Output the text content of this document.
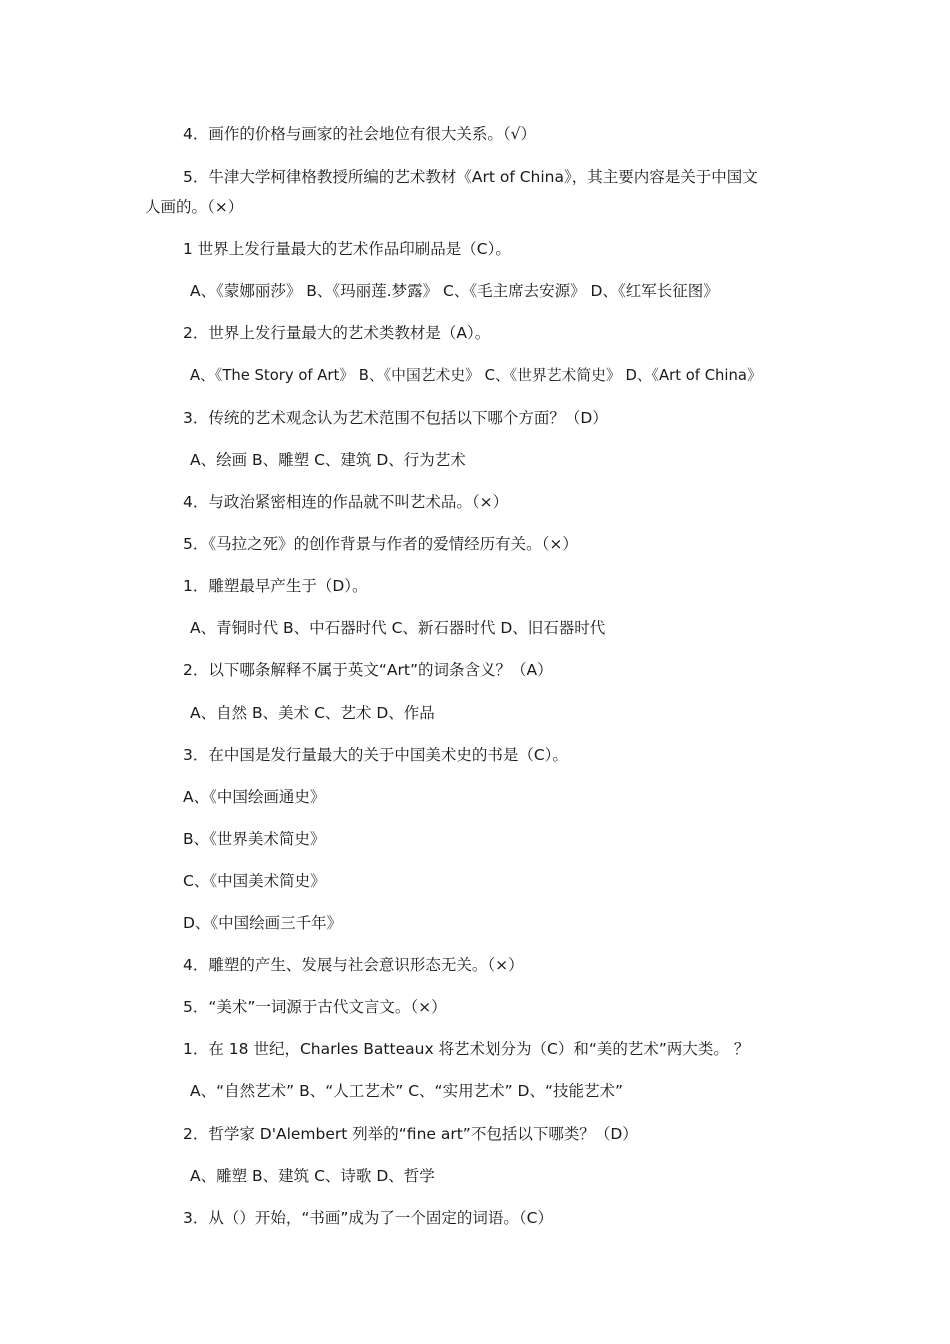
4．画作的价格与画家的社会地位有很大关系。（√）
5．牛津大学柯律格教授所编的艺术教材《Art of China》，其主要内容是关于中国文
人画的。（×）
1 世界上发行量最大的艺术作品印刷品是（C）。
A、《蒙娜丽莎》 B、《玛丽莲.梦露》 C、《毛主席去安源》 D、《红军长征图》
2．世界上发行量最大的艺术类教材是（A）。
A、《The Story of Art》 B、《中国艺术史》 C、《世界艺术简史》 D、《Art of China》
3．传统的艺术观念认为艺术范围不包括以下哪个方面？（D）
A、绘画 B、雕塑 C、建筑 D、行为艺术
4．与政治紧密相连的作品就不叫艺术品。（×）
5．《马拉之死》的创作背景与作者的爱情经历有关。（×）
1．雕塑最早产生于（D）。
A、青铜时代 B、中石器时代 C、新石器时代 D、旧石器时代
2．以下哪条解释不属于英文“Art”的词条含义？（A）
A、自然 B、美术 C、艺术 D、作品
3．在中国是发行量最大的关于中国美术史的书是（C）。
A、《中国绘画通史》
B、《世界美术简史》
C、《中国美术简史》
D、《中国绘画三千年》
4．雕塑的产生、发展与社会意识形态无关。（×）
5．“美术”一词源于古代文言文。（×）
1．在 18 世纪，Charles Batteaux 将艺术划分为（C）和“美的艺术”两大类。 ？
A、“自然艺术” B、“人工艺术” C、“实用艺术” D、“技能艺术”
2．哲学家 D'Alembert 列举的“fine art”不包括以下哪类？（D）
A、雕塑 B、建筑 C、诗歌 D、哲学
3．从（）开始，“书画”成为了一个固定的词语。（C）
